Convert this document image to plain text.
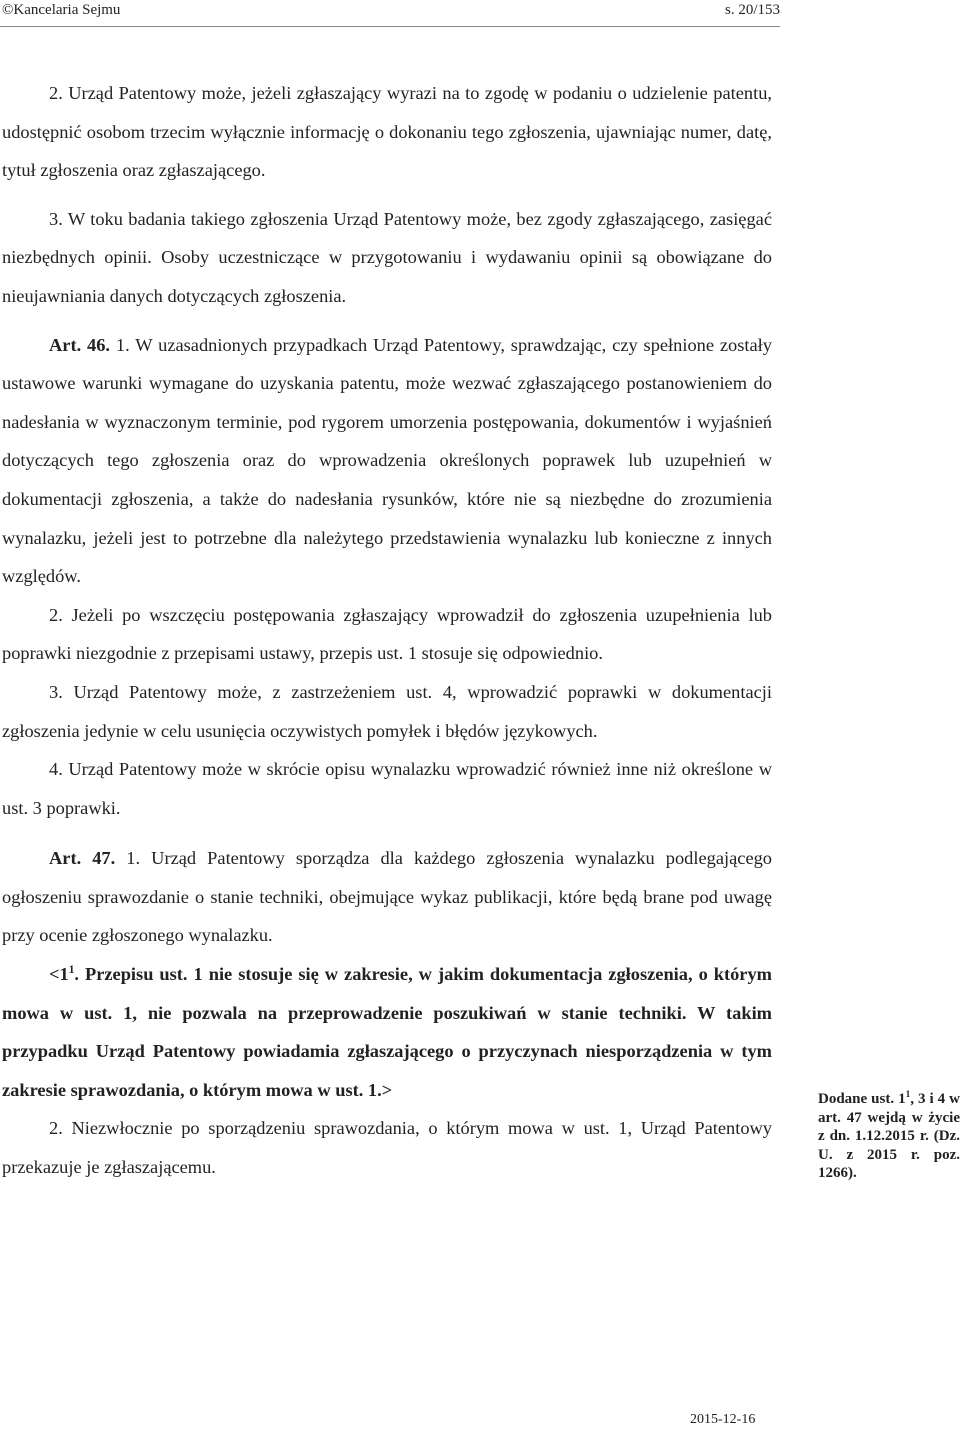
©Kancelaria Sejmu	s. 20/153

2. Urząd Patentowy może, jeżeli zgłaszający wyrazi na to zgodę w podaniu o udzielenie patentu, udostępnić osobom trzecim wyłącznie informację o dokonaniu tego zgłoszenia, ujawniając numer, datę, tytuł zgłoszenia oraz zgłaszającego.

3. W toku badania takiego zgłoszenia Urząd Patentowy może, bez zgody zgłaszającego, zasięgać niezbędnych opinii. Osoby uczestniczące w przygotowaniu i wydawaniu opinii są obowiązane do nieujawniania danych dotyczących zgłoszenia.

Art. 46. 1. W uzasadnionych przypadkach Urząd Patentowy, sprawdzając, czy spełnione zostały ustawowe warunki wymagane do uzyskania patentu, może wezwać zgłaszającego postanowieniem do nadesłania w wyznaczonym terminie, pod rygorem umorzenia postępowania, dokumentów i wyjaśnień dotyczących tego zgłoszenia oraz do wprowadzenia określonych poprawek lub uzupełnień w dokumentacji zgłoszenia, a także do nadesłania rysunków, które nie są niezbędne do zrozumienia wynalazku, jeżeli jest to potrzebne dla należytego przedstawienia wynalazku lub konieczne z innych względów.

2. Jeżeli po wszczęciu postępowania zgłaszający wprowadził do zgłoszenia uzupełnienia lub poprawki niezgodnie z przepisami ustawy, przepis ust. 1 stosuje się odpowiednio.

3. Urząd Patentowy może, z zastrzeżeniem ust. 4, wprowadzić poprawki w dokumentacji zgłoszenia jedynie w celu usunięcia oczywistych pomyłek i błędów językowych.

4. Urząd Patentowy może w skrócie opisu wynalazku wprowadzić również inne niż określone w ust. 3 poprawki.

Art. 47. 1. Urząd Patentowy sporządza dla każdego zgłoszenia wynalazku podlegającego ogłoszeniu sprawozdanie o stanie techniki, obejmujące wykaz publikacji, które będą brane pod uwagę przy ocenie zgłoszonego wynalazku.

$<1^1$. Przepisu ust. 1 nie stosuje się w zakresie, w jakim dokumentacja zgłoszenia, o którym mowa w ust. 1, nie pozwala na przeprowadzenie poszukiwań w stanie techniki. W takim przypadku Urząd Patentowy powiadamia zgłaszającego o przyczynach niesporządzenia w tym zakresie sprawozdania, o którym mowa w ust. 1.>

2. Niezwłocznie po sporządzeniu sprawozdania, o którym mowa w ust. 1, Urząd Patentowy przekazuje je zgłaszającemu.

Dodane ust. $1^1$, 3 i 4 w art. 47 wejdą w życie z dn. 1.12.2015 r. (Dz. U. z 2015 r. poz. 1266).
2015-12-16
